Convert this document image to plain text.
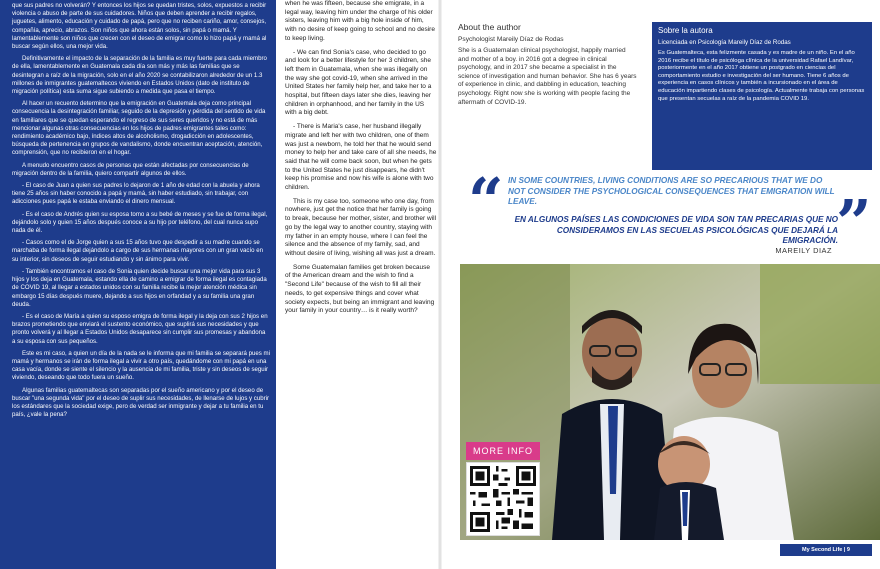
que sus padres no volverán? Y entonces los hijos se quedan tristes, solos, expuestos a recibir violencia o abuso de parte de sus cuidadores. Niños que deben aprender a recibir regalos, juguetes, alimento, educación y cuidado de papá, pero que no reciben cariño, amor, consejos, compañía, aprecio, abrazos. Son niños que ahora están solos, sin papá o mamá. Y lamentablemente son niños que crecen con el deseo de emigrar como lo hizo papá y mamá al buscar según ellos, una mejor vida.

Definitivamente el impacto de la separación de la familia es muy fuerte para cada miembro de ella, lamentablemente en Guatemala cada día son más y más las familias que se desintegran a raíz de la migración, solo en el año 2020 se contabilizaron alrededor de un 1.3 millones de inmigrantes guatemaltecos viviendo en Estados Unidos (dato de instituto de migración política) esta suma sigue subiendo a medida que pasa el tiempo.

Al hacer un recuento determino que la emigración en Guatemala deja como principal consecuencia la desintegración familiar, seguido de la depresión y pérdida del sentido de vida en familiares que se quedan esperando el regreso de sus seres queridos y no está de más mencionar algunas otras consecuencias en los hijos de padres emigrantes tales como: rendimiento académico bajo, índices altos de alcoholismo, drogadicción en adolescentes, búsqueda de pertenencia en grupos de vandalismo, donde encuentran aceptación, atención, comprensión, que no recibieron en el hogar.

A menudo encuentro casos de personas que están afectadas por consecuencias de migración dentro de la familia, quiero compartir algunos de ellos.

- El caso de Juan a quien sus padres lo dejaron de 1 año de edad con la abuela y ahora tiene 25 años sin haber conocido a papá y mamá, sin haber estudiado, sin trabajar, con adicciones pues papá le estaba enviando el dinero mensual.

- Es el caso de Andrés quien su esposa tomo a su bebé de meses y se fue de forma ilegal, dejándolo solo y quien 15 años después conoce a su hijo por teléfono, del cual nunca supo nada de él.

- Casos como el de Jorge quien a sus 15 años tuvo que despedir a su madre cuando se marchaba de forma ilegal dejándolo a cargo de sus hermanas mayores con un gran vacío en su interior, sin deseos de seguir estudiando y sin ánimo para vivir.

- También encontramos el caso de Sonia quien decide buscar una mejor vida para sus 3 hijos y los deja en Guatemala, estando ella de camino a emigrar de forma ilegal es contagiada de COVID 19, al llegar a estados unidos con su familia recibe la mejor atención médica sin embargo 15 días después muere, dejando a sus hijos en orfandad y a su familia una gran deuda.

- Es el caso de María a quien su esposo emigra de forma ilegal y la deja con sus 2 hijos en brazos prometiendo que enviará el sustento económico, que suplirá sus necesidades y que pronto volverá y al llegar a Estados Unidos desaparece sin cumplir sus promesas y abandona a su esposa con sus pequeños.

Este es mi caso, a quien un día de la nada se le informa que mi familia se separará pues mi mamá y hermanos se irán de forma ilegal a vivir a otro país, quedándome con mi papá en una casa vacía, donde se siente el silencio y la ausencia de mi familia, triste y sin deseos de seguir viviendo, deseando que todo fuera un sueño.

Algunas familias guatemaltecas son separadas por el sueño americano y por el deseo de buscar "una segunda vida" por el deseo de suplir sus necesidades, de llenarse de lujos y cubrir los estándares que la sociedad exige, pero de verdad ser inmigrante y dejar a tu familia en tu país, ¿vale la pena?

when he was fifteen, because she emigrate, in a legal way, leaving him under the charge of his older sisters, leaving him with a big hole inside of him, with no desire of keep going to school and no desire to keep living.

- We can find Sonia's case, who decided to go and look for a better lifestyle for her 3 children, she left them in Guatemala, when she was illegally on the way she got covid-19, when she arrived in the United States her family help her, and take her to a hospital, but fifteen days later she dies, leaving her children in orphanhood, and her family in the US with a big debt.

- There is Maria's case, her husband illegally migrate and left her with two children, one of them was just a newborn, he told her that he would send money to help her and take care of all she needs, he said that he will come back soon, but when he gets to the United States he just disappears, he didn't keep his promise and now his wife is alone with two children.

This is my case too, someone who one day, from nowhere, just get the notice that her family is going to break, because her mother, sister, and brother will go by the legal way to another country, staying with my father in an empty house, where I can feel the silence and the absence of my family, sad, and without desire of living, wishing all was just a dream.

Some Guatemalan families get broken because of the American dream and the wish to find a "Second Life" because of the wish to fill all their needs, to get expensive things and cover what society expects, but being an immigrant and leaving your family in your country… is it really worth?

About the author
Psychologist Mareily Díaz de Rodas
She is a Guatemalan clinical psychologist, happily married and mother of a boy. in 2016 got a degree in clinical psychology, and in 2017 she became a specialist in the science of investigation and human behavior. She has 6 years of experience in clinic, and dabbling in education, teaching psychology. Right now she is working with people facing the aftermath of COVID-19.
Sobre la autora
Licenciada en Psicología Mareily Díaz de Rodas
Es Guatemalteca, esta felizmente casada y es madre de un niño. En el año 2016 recibe el título de psicóloga clínica de la universidad Rafael Landívar, posteriormente en el año 2017 obtiene un postgrado en ciencias del comportamiento estudio e investigación del ser humano. Tiene 6 años de experiencia en casos clínicos y también a incursionado en el área de educación impartiendo clases de psicología. Actualmente trabaja con personas que presentan secuelas a raíz de la pandemia COVID 19.
“ IN SOME COUNTRIES, LIVING CONDITIONS ARE SO PRECARIOUS THAT WE DO NOT CONSIDER THE PSYCHOLOGICAL CONSEQUENCES THAT EMIGRATION WILL LEAVE.
EN ALGUNOS PAÍSES LAS CONDICIONES DE VIDA SON TAN PRECARIAS QUE NO CONSIDERAMOS EN LAS SECUELAS PSICOLÓGICAS QUE DEJARÁ LA EMIGRACIÓN.
”
MAREILY DIAZ
MORE INFO
My Second Life | 9
